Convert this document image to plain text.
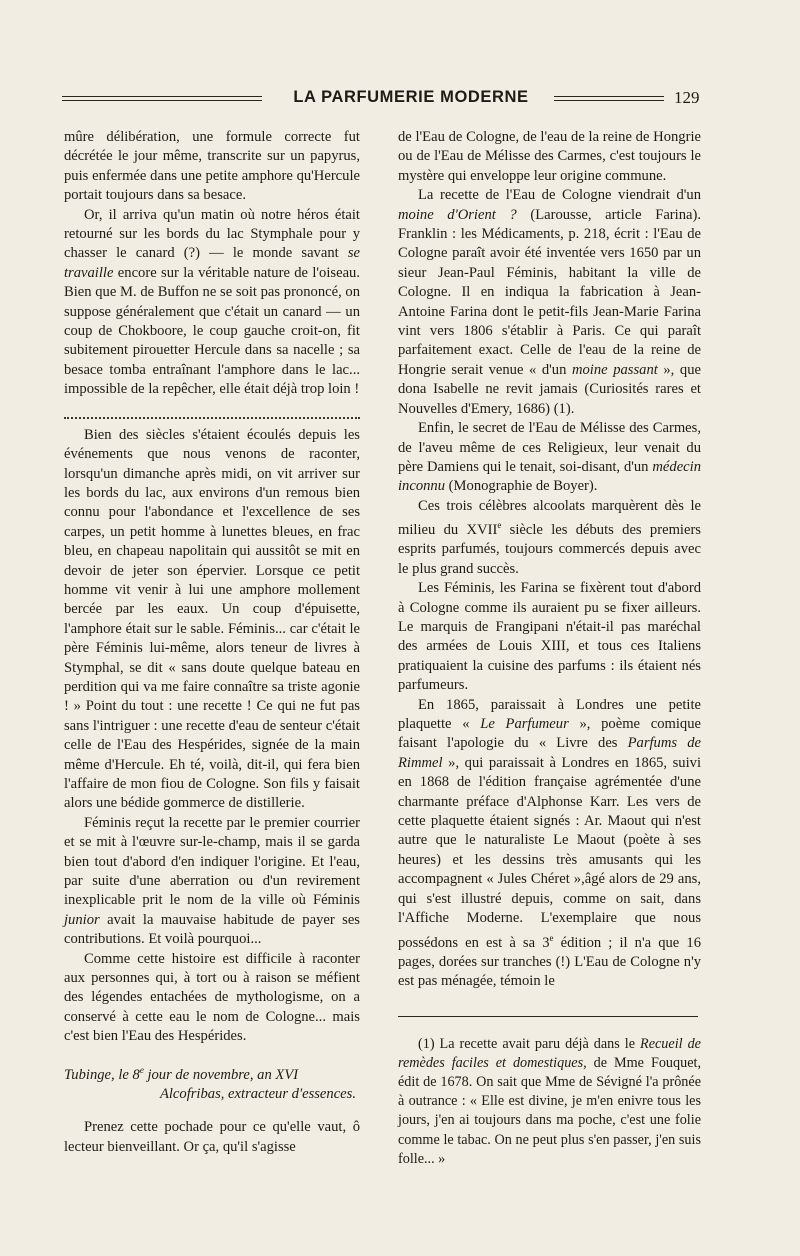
LA PARFUMERIE MODERNE	129

mûre délibération, une formule correcte fut décrétée le jour même, transcrite sur un papyrus, puis enfermée dans une petite amphore qu'Hercule portait toujours dans sa besace.

Or, il arriva qu'un matin où notre héros était retourné sur les bords du lac Stymphale pour y chasser le canard (?) — le monde savant se travaille encore sur la véritable nature de l'oiseau. Bien que M. de Buffon ne se soit pas prononcé, on suppose généralement que c'était un canard — un coup de Chokboore, le coup gauche croit-on, fit subitement pirouetter Hercule dans sa nacelle ; sa besace tomba entraînant l'amphore dans le lac... impossible de la repêcher, elle était déjà trop loin !

Bien des siècles s'étaient écoulés depuis les événements que nous venons de raconter, lorsqu'un dimanche après midi, on vit arriver sur les bords du lac, aux environs d'un remous bien connu pour l'abondance et l'excellence de ses carpes, un petit homme à lunettes bleues, en frac bleu, en chapeau napolitain qui aussitôt se mit en devoir de jeter son épervier. Lorsque ce petit homme vit venir à lui une amphore mollement bercée par les eaux. Un coup d'épuisette, l'amphore était sur le sable. Féminis... car c'était le père Féminis lui-même, alors teneur de livres à Stymphal, se dit « sans doute quelque bateau en perdition qui va me faire connaître sa triste agonie ! » Point du tout : une recette ! Ce qui ne fut pas sans l'intriguer : une recette d'eau de senteur c'était celle de l'Eau des Hespérides, signée de la main même d'Hercule. Eh té, voilà, dit-il, qui fera bien l'affaire de mon fiou de Cologne. Son fils y faisait alors une bédide gommerce de distillerie.

Féminis reçut la recette par le premier courrier et se mit à l'œuvre sur-le-champ, mais il se garda bien tout d'abord d'en indiquer l'origine. Et l'eau, par suite d'une aberration ou d'un revirement inexplicable prit le nom de la ville où Féminis junior avait la mauvaise habitude de payer ses contributions. Et voilà pourquoi...

Comme cette histoire est difficile à raconter aux personnes qui, à tort ou à raison se méfient des légendes entachées de mythologisme, on a conservé à cette eau le nom de Cologne... mais c'est bien l'Eau des Hespérides.

Tubinge, le 8e jour de novembre, an XVI

Alcofribas, extracteur d'essences.

Prenez cette pochade pour ce qu'elle vaut, ô lecteur bienveillant. Or ça, qu'il s'agisse

de l'Eau de Cologne, de l'eau de la reine de Hongrie ou de l'Eau de Mélisse des Carmes, c'est toujours le mystère qui enveloppe leur origine commune.

La recette de l'Eau de Cologne viendrait d'un moine d'Orient ? (Larousse, article Farina). Franklin : les Médicaments, p. 218, écrit : l'Eau de Cologne paraît avoir été inventée vers 1650 par un sieur Jean-Paul Féminis, habitant la ville de Cologne. Il en indiqua la fabrication à Jean-Antoine Farina dont le petit-fils Jean-Marie Farina vint vers 1806 s'établir à Paris. Ce qui paraît parfaitement exact. Celle de l'eau de la reine de Hongrie serait venue « d'un moine passant », que dona Isabelle ne revit jamais (Curiosités rares et Nouvelles d'Emery, 1686) (1).

Enfin, le secret de l'Eau de Mélisse des Carmes, de l'aveu même de ces Religieux, leur venait du père Damiens qui le tenait, soi-disant, d'un médecin inconnu (Monographie de Boyer).

Ces trois célèbres alcoolats marquèrent dès le milieu du XVIIe siècle les débuts des premiers esprits parfumés, toujours commercés depuis avec le plus grand succès.

Les Féminis, les Farina se fixèrent tout d'abord à Cologne comme ils auraient pu se fixer ailleurs. Le marquis de Frangipani n'était-il pas maréchal des armées de Louis XIII, et tous ces Italiens pratiquaient la cuisine des parfums : ils étaient nés parfumeurs.

En 1865, paraissait à Londres une petite plaquette « Le Parfumeur », poème comique faisant l'apologie du « Livre des Parfums de Rimmel », qui paraissait à Londres en 1865, suivi en 1868 de l'édition française agrémentée d'une charmante préface d'Alphonse Karr. Les vers de cette plaquette étaient signés : Ar. Maout qui n'est autre que le naturaliste Le Maout (poète à ses heures) et les dessins très amusants qui les accompagnent « Jules Chéret »,âgé alors de 29 ans, qui s'est illustré depuis, comme on sait, dans l'Affiche Moderne. L'exemplaire que nous possédons en est à sa 3e édition ; il n'a que 16 pages, dorées sur tranches (!) L'Eau de Cologne n'y est pas ménagée, témoin le

(1) La recette avait paru déjà dans le Recueil de remèdes faciles et domestiques, de Mme Fouquet, édit de 1678. On sait que Mme de Sévigné l'a prônée à outrance : « Elle est divine, je m'en enivre tous les jours, j'en ai toujours dans ma poche, c'est une folie comme le tabac. On ne peut plus s'en passer, j'en suis folle... »
